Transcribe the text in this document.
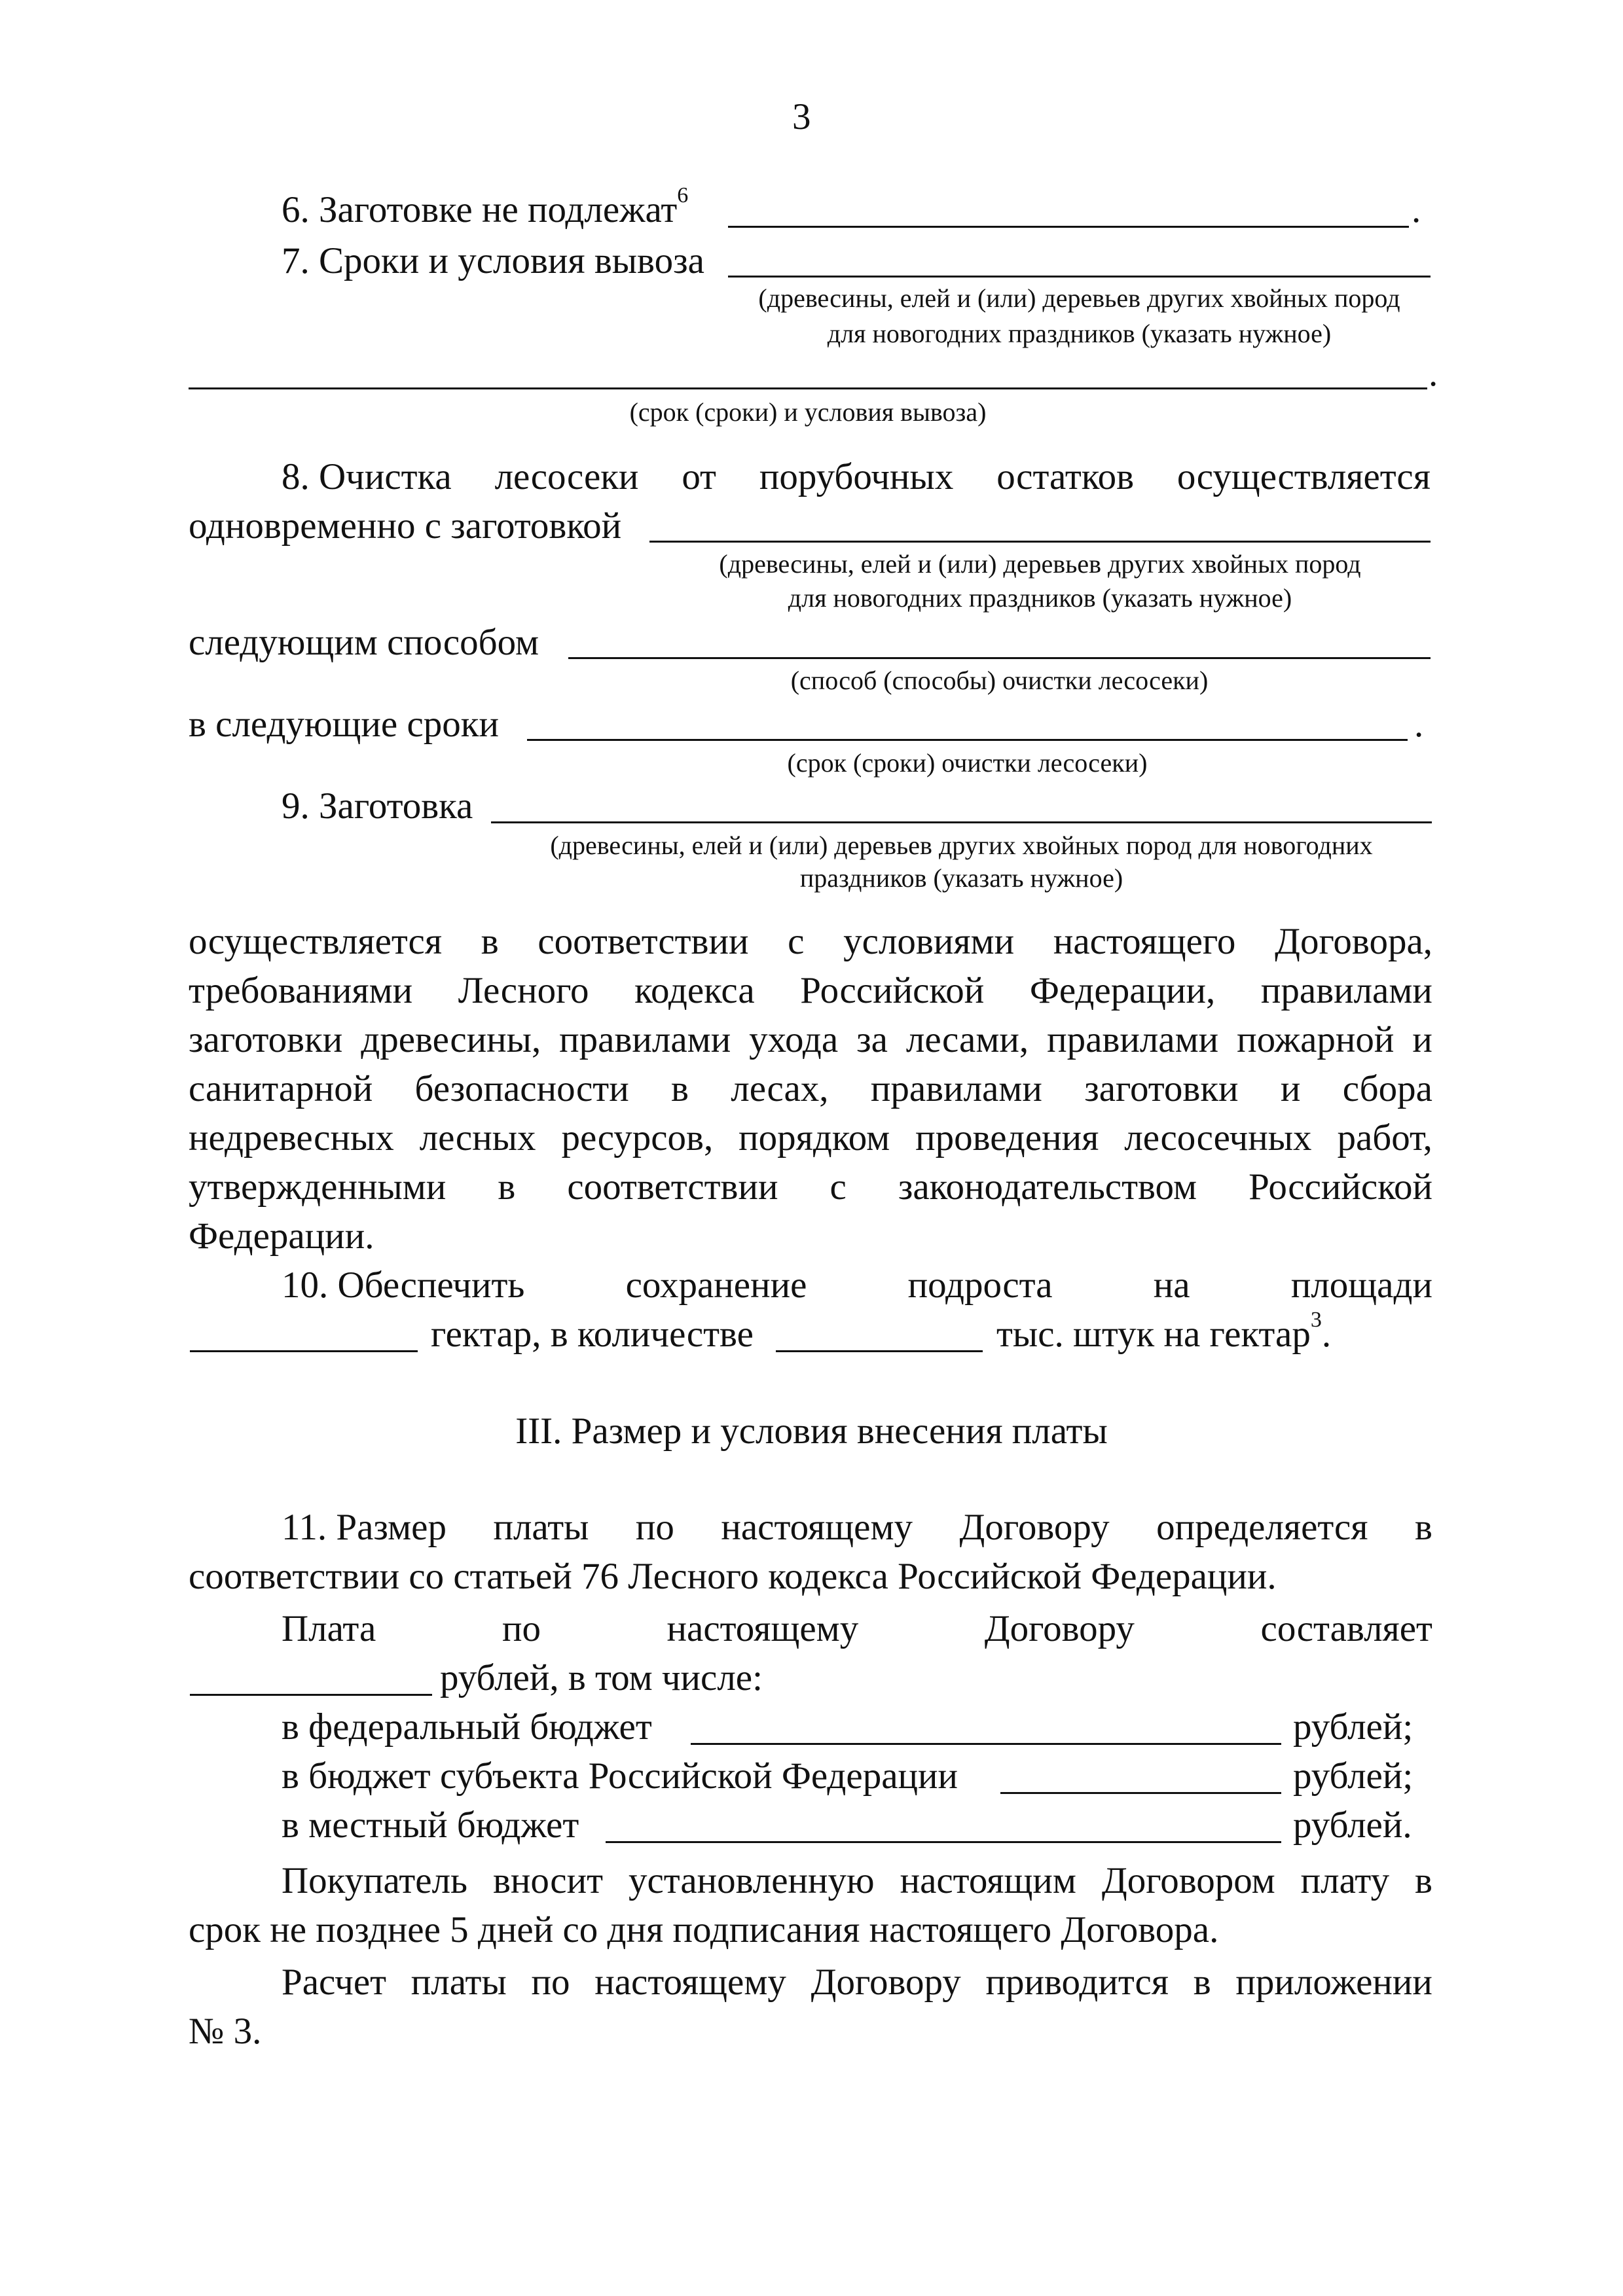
3
6. Заготовке не подлежат$^6$	.
7. Сроки и условия вывоза
(древесины, елей и (или) деревьев других хвойных пород
для новогодних праздников (указать нужное)
.
(срок (сроки) и условия вывоза)
8. Очистка лесосеки от порубочных остатков осуществляется
одновременно с заготовкой
(древесины, елей и (или) деревьев других хвойных пород
для новогодних праздников (указать нужное)
следующим способом
(способ (способы) очистки лесосеки)
в следующие сроки	.
(срок (сроки) очистки лесосеки)
9. Заготовка
(древесины, елей и (или) деревьев других хвойных пород для новогодних
праздников (указать нужное)
осуществляется в соответствии с условиями настоящего Договора,
требованиями Лесного кодекса Российской Федерации, правилами
заготовки древесины, правилами ухода за лесами, правилами пожарной и
санитарной безопасности в лесах, правилами заготовки и сбора
недревесных лесных ресурсов, порядком проведения лесосечных работ,
утвержденными в соответствии с законодательством Российской
Федерации.
10. Обеспечить	сохранение	подроста	на	площади
гектар, в количестве	тыс. штук на гектар$^3$.
III. Размер и условия внесения платы
11. Размер платы по настоящему Договору определяется в
соответствии со статьей 76 Лесного кодекса Российской Федерации.
Плата	по	настоящему	Договору	составляет
рублей, в том числе:
в федеральный бюджет	рублей;
в бюджет субъекта Российской Федерации	рублей;
в местный бюджет	рублей.
Покупатель вносит установленную настоящим Договором плату в
срок не позднее 5 дней со дня подписания настоящего Договора.
Расчет платы по настоящему Договору приводится в приложении
№ 3.
